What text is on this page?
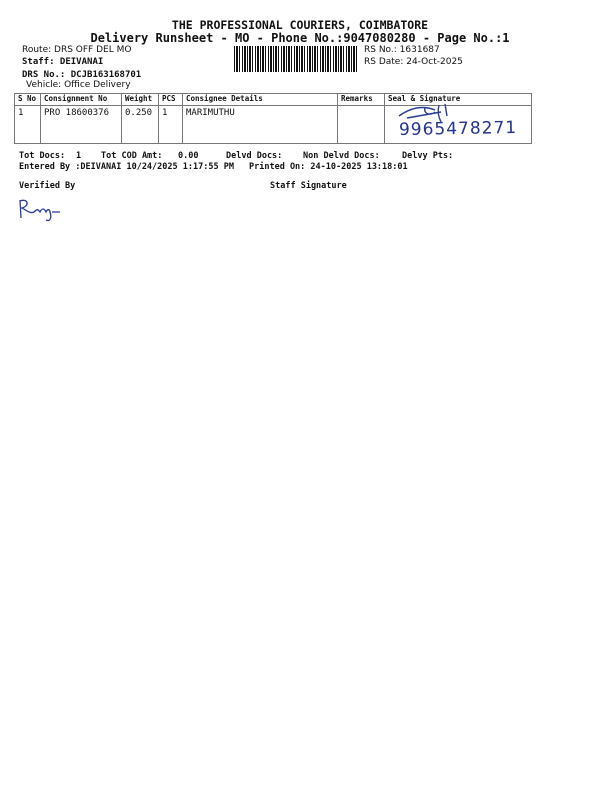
THE PROFESSIONAL COURIERS, COIMBATORE
Delivery Runsheet - MO - Phone No.:9047080280 - Page No.:1
Route: DRS OFF DEL MO
Staff: DEIVANAI
DRS No.: DCJB163168701
Vehicle: Office Delivery
RS No.: 1631687
RS Date: 24-Oct-2025
S No	Consignment No	Weight	PCS	Consignee Details	Remarks	Seal & Signature
1	PRO 18600376	0.250	1	MARIMUTHU		9965478271
Tot Docs: 1 Tot COD Amt: 0.00	Delvd Docs: Non Delvd Docs:	Delvy Pts:
Entered By :DEIVANAI 10/24/2025 1:17:55 PM Printed On: 24-10-2025 13:18:01
Verified By	Staff Signature
